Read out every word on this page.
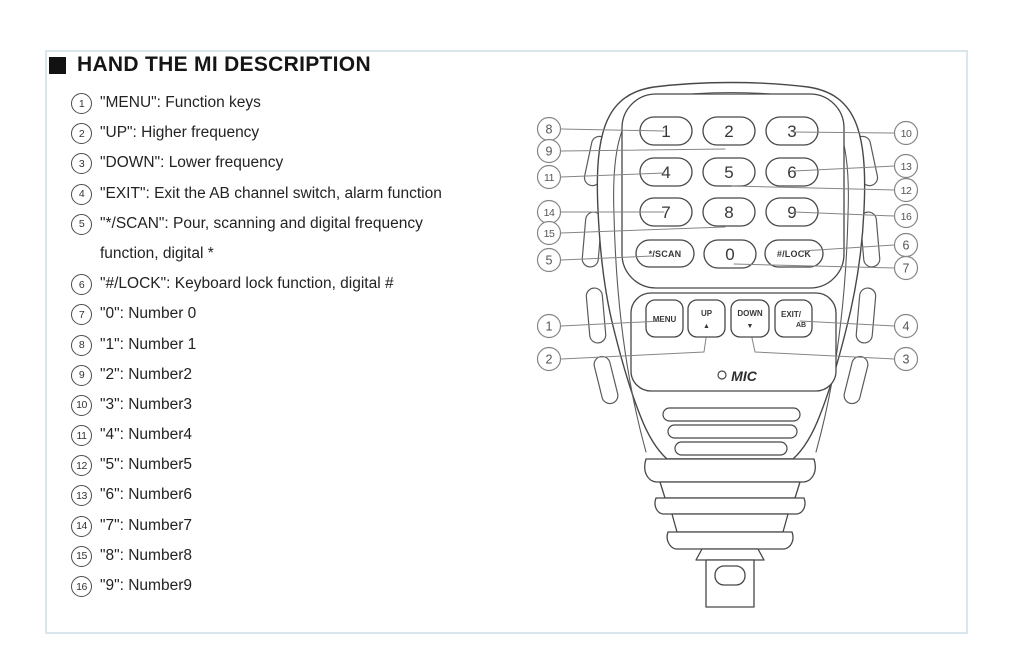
HAND THE MI DESCRIPTION
1	"MENU": Function keys
2	"UP": Higher frequency
3	"DOWN": Lower frequency
4	"EXIT": Exit the AB channel switch, alarm function
5	"*/SCAN": Pour, scanning and digital frequency
function, digital *
6	"#/LOCK": Keyboard lock function, digital #
7	"0": Number 0
8	"1": Number 1
9	"2": Number2
10 "3": Number3
11 "4": Number4
12 "5": Number5
13 "6": Number6
14 "7": Number7
15 "8": Number8
16 "9": Number9
1	2	3
4	5	6
7	8	9
*/SCAN	0	#/LOCK
MENU
UP
▲
DOWN
▼
EXIT/
AB
MIC
8
9
11
14
15
5
1
2
10
13
12
16
6
7
4
3
